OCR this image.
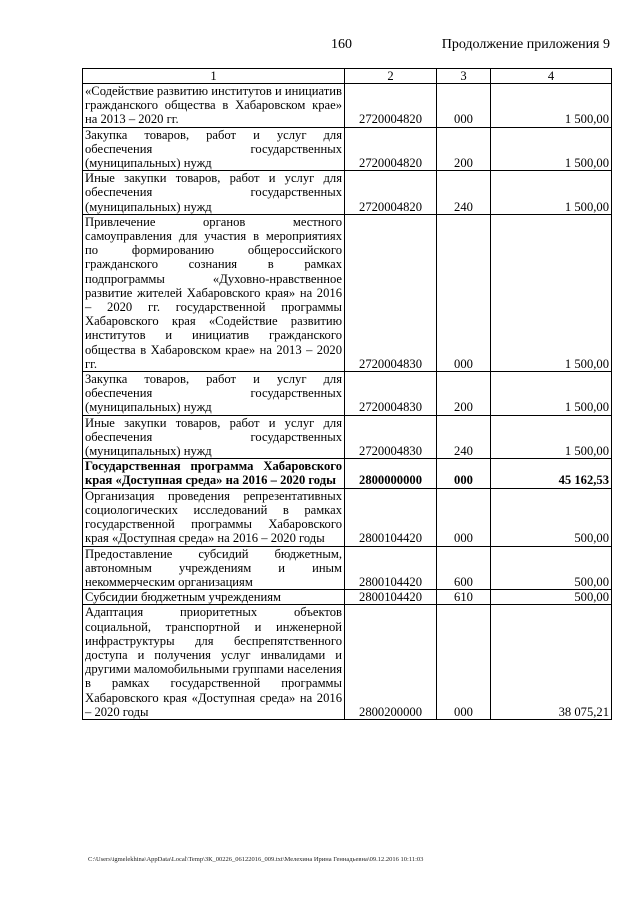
160	Продолжение приложения 9
1	2	3	4
«Содействие развитию институтов и инициатив гражданского общества в Хабаровском крае» на 2013 – 2020 гг.	2720004820	000	1 500,00
Закупка товаров, работ и услуг для обеспечения государственных (муниципальных) нужд	2720004820	200	1 500,00
Иные закупки товаров, работ и услуг для обеспечения государственных (муниципальных) нужд	2720004820	240	1 500,00
Привлечение органов местного самоуправления для участия в мероприятиях по формированию общероссийского гражданского сознания в рамках подпрограммы «Духовно-нравственное развитие жителей Хабаровского края» на 2016 – 2020 гг. государственной программы Хабаровского края «Содействие развитию институтов и инициатив гражданского общества в Хабаровском крае» на 2013 – 2020 гг.	2720004830	000	1 500,00
Закупка товаров, работ и услуг для обеспечения государственных (муниципальных) нужд	2720004830	200	1 500,00
Иные закупки товаров, работ и услуг для обеспечения государственных (муниципальных) нужд	2720004830	240	1 500,00
Государственная программа Хабаровского края «Доступная среда» на 2016 – 2020 годы	2800000000	000	45 162,53
Организация проведения репрезентативных социологических исследований в рамках государственной программы Хабаровского края «Доступная среда» на 2016 – 2020 годы	2800104420	000	500,00
Предоставление субсидий бюджетным, автономным учреждениям и иным некоммерческим организациям	2800104420	600	500,00
Субсидии бюджетным учреждениям	2800104420	610	500,00
Адаптация приоритетных объектов социальной, транспортной и инженерной инфраструктуры для беспрепятственного доступа и получения услуг инвалидами и другими маломобильными группами населения в рамках государственной программы Хабаровского края «Доступная среда» на 2016 – 2020 годы	2800200000	000	38 075,21
C:\Users\igmelekhina\AppData\Local\Temp\ЗК_00226_06122016_009.txt\Мелехина Ирина Геннадьевна\09.12.2016 10:11:03
